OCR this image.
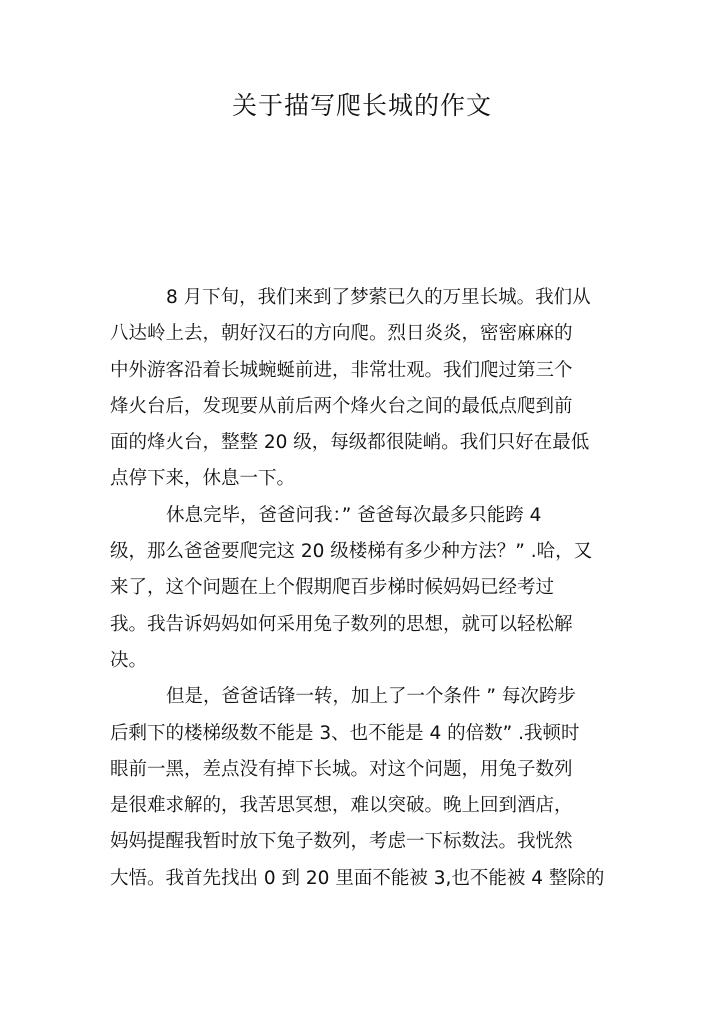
关于描写爬长城的作文
8 月下旬，我们来到了梦萦已久的万里长城。我们从
八达岭上去，朝好汉石的方向爬。烈日炎炎，密密麻麻的
中外游客沿着长城蜿蜒前进，非常壮观。我们爬过第三个
烽火台后，发现要从前后两个烽火台之间的最低点爬到前
面的烽火台，整整 20 级，每级都很陡峭。我们只好在最低
点停下来，休息一下。
休息完毕，爸爸问我：” 爸爸每次最多只能跨 4
级，那么爸爸要爬完这 20 级楼梯有多少种方法？” .哈，又
来了，这个问题在上个假期爬百步梯时候妈妈已经考过
我。我告诉妈妈如何采用兔子数列的思想，就可以轻松解
决。
但是，爸爸话锋一转，加上了一个条件 ” 每次跨步
后剩下的楼梯级数不能是 3、也不能是 4 的倍数” .我顿时
眼前一黑，差点没有掉下长城。对这个问题，用兔子数列
是很难求解的，我苦思冥想，难以突破。晚上回到酒店，
妈妈提醒我暂时放下兔子数列，考虑一下标数法。我恍然
大悟。我首先找出 0 到 20 里面不能被 3,也不能被 4 整除的
